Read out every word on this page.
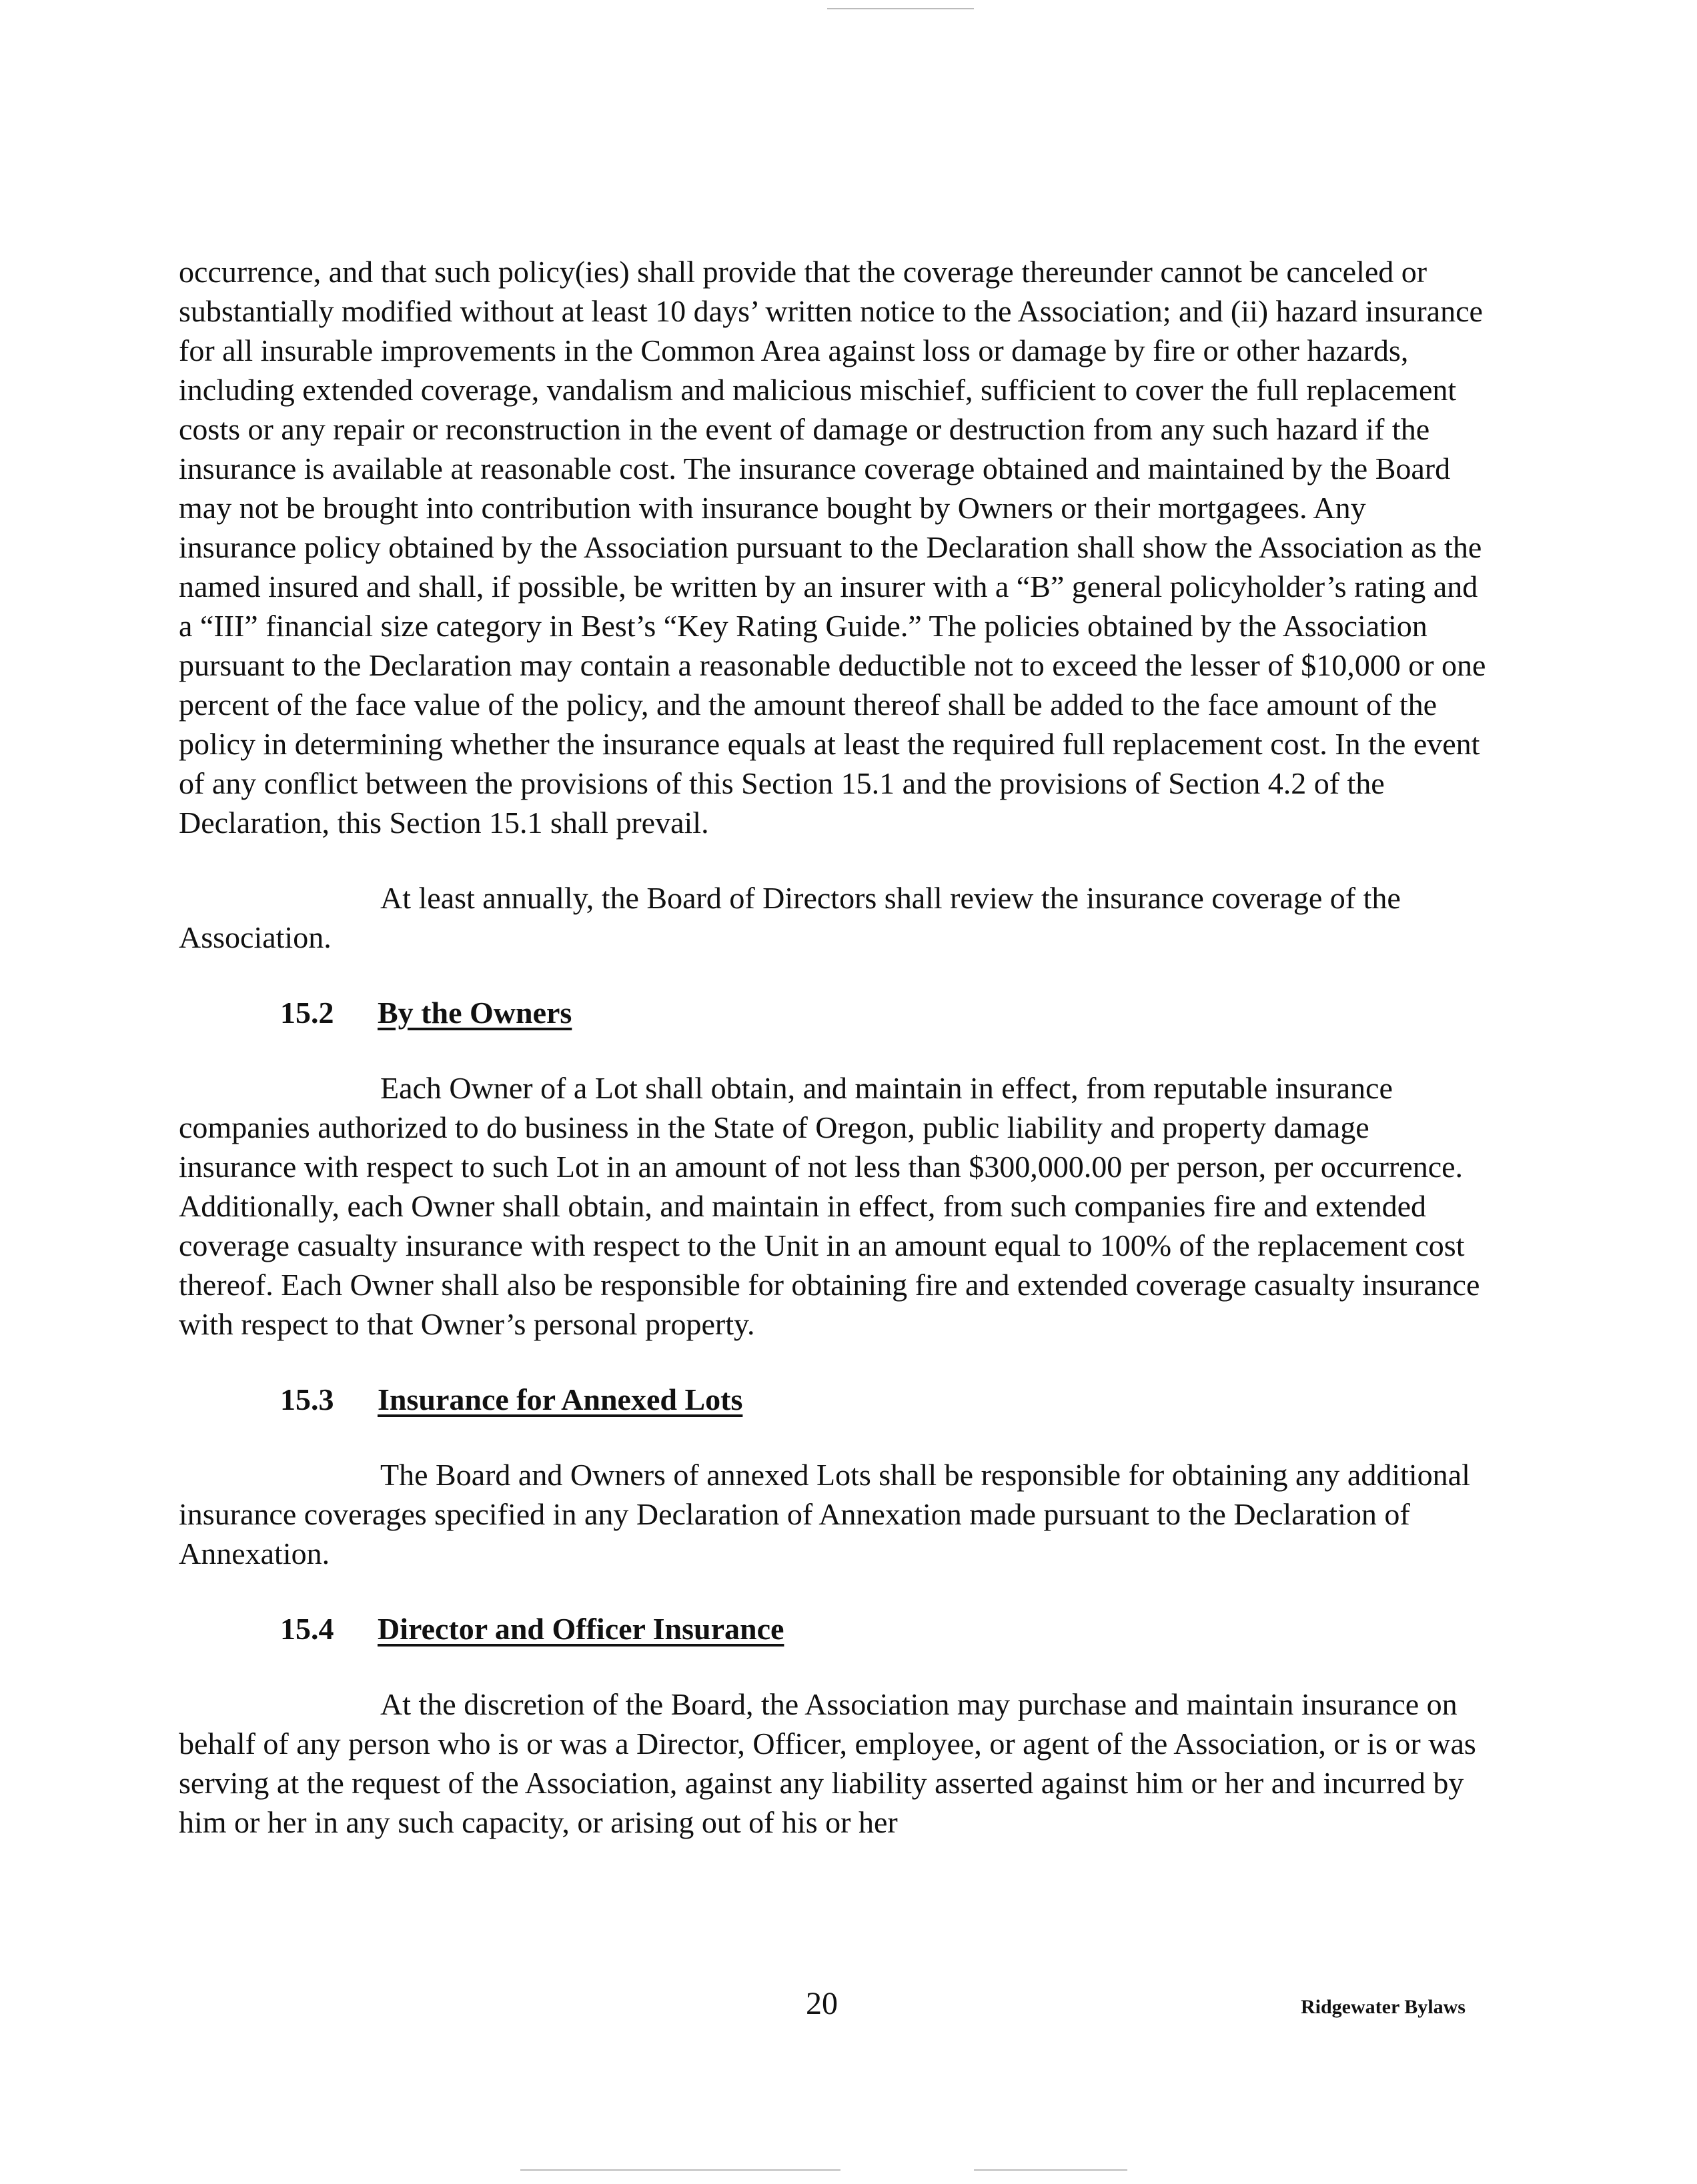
occurrence, and that such policy(ies) shall provide that the coverage thereunder cannot be canceled or substantially modified without at least 10 days’ written notice to the Association; and (ii) hazard insurance for all insurable improvements in the Common Area against loss or damage by fire or other hazards, including extended coverage, vandalism and malicious mischief, sufficient to cover the full replacement costs or any repair or reconstruction in the event of damage or destruction from any such hazard if the insurance is available at reasonable cost. The insurance coverage obtained and maintained by the Board may not be brought into contribution with insurance bought by Owners or their mortgagees. Any insurance policy obtained by the Association pursuant to the Declaration shall show the Association as the named insured and shall, if possible, be written by an insurer with a “B” general policyholder’s rating and a “III” financial size category in Best’s “Key Rating Guide.” The policies obtained by the Association pursuant to the Declaration may contain a reasonable deductible not to exceed the lesser of $10,000 or one percent of the face value of the policy, and the amount thereof shall be added to the face amount of the policy in determining whether the insurance equals at least the required full replacement cost. In the event of any conflict between the provisions of this Section 15.1 and the provisions of Section 4.2 of the Declaration, this Section 15.1 shall prevail.

At least annually, the Board of Directors shall review the insurance coverage of the Association.

15.2	By the Owners

Each Owner of a Lot shall obtain, and maintain in effect, from reputable insurance companies authorized to do business in the State of Oregon, public liability and property damage insurance with respect to such Lot in an amount of not less than $300,000.00 per person, per occurrence. Additionally, each Owner shall obtain, and maintain in effect, from such companies fire and extended coverage casualty insurance with respect to the Unit in an amount equal to 100% of the replacement cost thereof. Each Owner shall also be responsible for obtaining fire and extended coverage casualty insurance with respect to that Owner’s personal property.

15.3	Insurance for Annexed Lots

The Board and Owners of annexed Lots shall be responsible for obtaining any additional insurance coverages specified in any Declaration of Annexation made pursuant to the Declaration of Annexation.

15.4	Director and Officer Insurance

At the discretion of the Board, the Association may purchase and maintain insurance on behalf of any person who is or was a Director, Officer, employee, or agent of the Association, or is or was serving at the request of the Association, against any liability asserted against him or her and incurred by him or her in any such capacity, or arising out of his or her

20	Ridgewater Bylaws
